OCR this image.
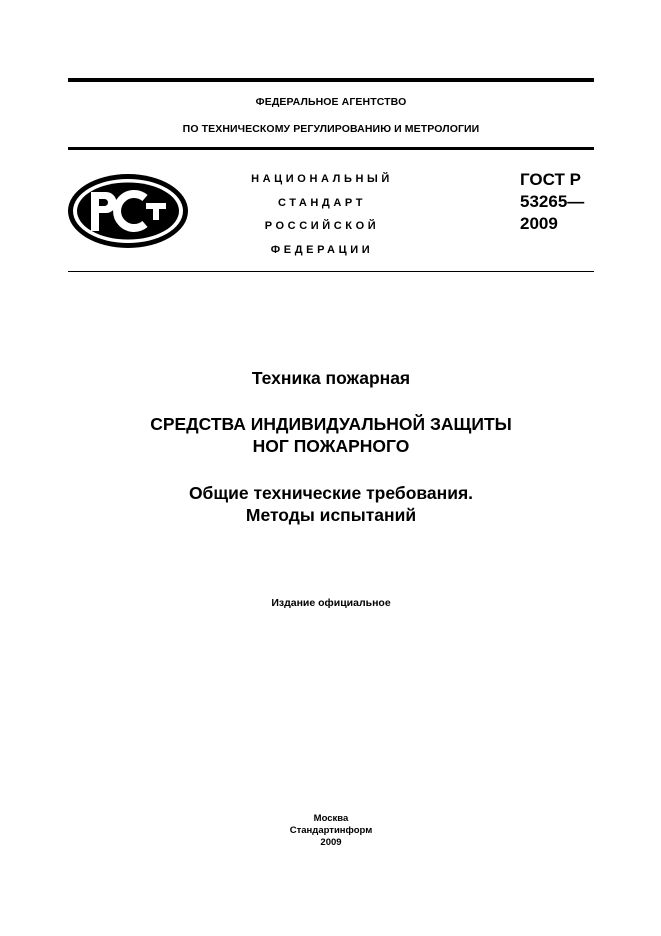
ФЕДЕРАЛЬНОЕ АГЕНТСТВО
ПО ТЕХНИЧЕСКОМУ РЕГУЛИРОВАНИЮ И МЕТРОЛОГИИ
НАЦИОНАЛЬНЫЙ
СТАНДАРТ
РОССИЙСКОЙ
ФЕДЕРАЦИИ
ГОСТ Р
53265—
2009
Техника пожарная
СРЕДСТВА ИНДИВИДУАЛЬНОЙ ЗАЩИТЫ
НОГ ПОЖАРНОГО
Общие технические требования.
Методы испытаний
Издание официальное
Москва
Стандартинформ
2009
